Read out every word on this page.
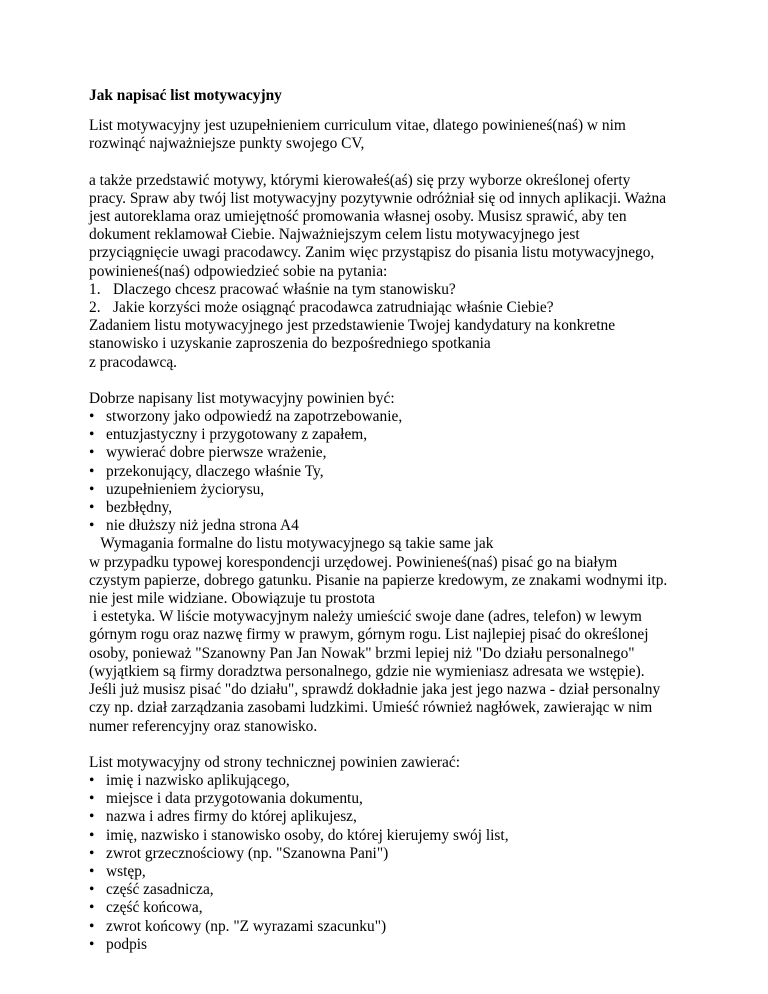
Jak napisać list motywacyjny
List motywacyjny jest uzupełnieniem curriculum vitae, dlatego powinieneś(naś) w nim
rozwinąć najważniejsze punkty swojego CV,
a także przedstawić motywy, którymi kierowałeś(aś) się przy wyborze określonej oferty
pracy. Spraw aby twój list motywacyjny pozytywnie odróżniał się od innych aplikacji. Ważna
jest autoreklama oraz umiejętność promowania własnej osoby. Musisz sprawić, aby ten
dokument reklamował Ciebie. Najważniejszym celem listu motywacyjnego jest
przyciągnięcie uwagi pracodawcy. Zanim więc przystąpisz do pisania listu motywacyjnego,
powinieneś(naś) odpowiedzieć sobie na pytania:
1. Dlaczego chcesz pracować właśnie na tym stanowisku?
2. Jakie korzyści może osiągnąć pracodawca zatrudniając właśnie Ciebie?
Zadaniem listu motywacyjnego jest przedstawienie Twojej kandydatury na konkretne
stanowisko i uzyskanie zaproszenia do bezpośredniego spotkania
z pracodawcą.
Dobrze napisany list motywacyjny powinien być:
• stworzony jako odpowiedź na zapotrzebowanie,
• entuzjastyczny i przygotowany z zapałem,
• wywierać dobre pierwsze wrażenie,
• przekonujący, dlaczego właśnie Ty,
• uzupełnieniem życiorysu,
• bezbłędny,
• nie dłuższy niż jedna strona A4
Wymagania formalne do listu motywacyjnego są takie same jak
w przypadku typowej korespondencji urzędowej. Powinieneś(naś) pisać go na białym
czystym papierze, dobrego gatunku. Pisanie na papierze kredowym, ze znakami wodnymi itp.
nie jest mile widziane. Obowiązuje tu prostota
i estetyka. W liście motywacyjnym należy umieścić swoje dane (adres, telefon) w lewym
górnym rogu oraz nazwę firmy w prawym, górnym rogu. List najlepiej pisać do określonej
osoby, ponieważ "Szanowny Pan Jan Nowak" brzmi lepiej niż "Do działu personalnego"
(wyjątkiem są firmy doradztwa personalnego, gdzie nie wymieniasz adresata we wstępie).
Jeśli już musisz pisać "do działu", sprawdź dokładnie jaka jest jego nazwa - dział personalny
czy np. dział zarządzania zasobami ludzkimi. Umieść również nagłówek, zawierając w nim
numer referencyjny oraz stanowisko.
List motywacyjny od strony technicznej powinien zawierać:
• imię i nazwisko aplikującego,
• miejsce i data przygotowania dokumentu,
• nazwa i adres firmy do której aplikujesz,
• imię, nazwisko i stanowisko osoby, do której kierujemy swój list,
• zwrot grzecznościowy (np. "Szanowna Pani")
• wstęp,
• część zasadnicza,
• część końcowa,
• zwrot końcowy (np. "Z wyrazami szacunku")
• podpis
